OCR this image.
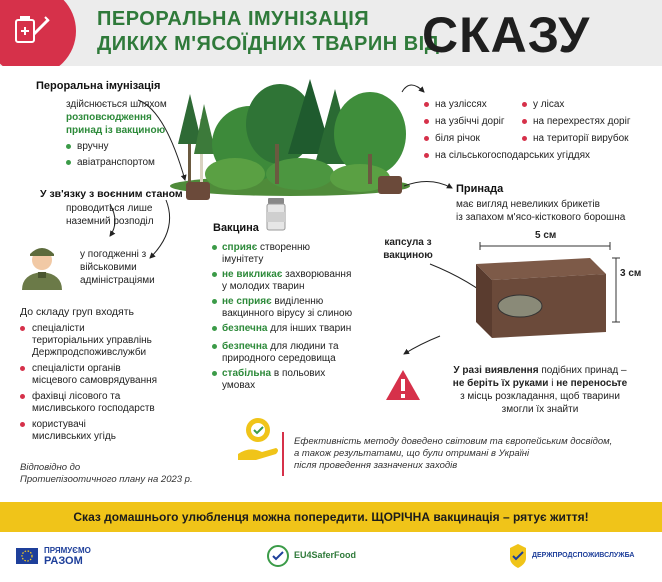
ПЕРОРАЛЬНА ІМУНІЗАЦІЯ
ДИКИХ М'ЯСОЇДНИХ ТВАРИН ВІД
СКАЗУ
Пероральна імунізація
здійснюється шляхом
розповсюдження
принад із вакциною
вручну
авіатранспортом
У зв'язку з воєнним станом
проводиться лише
наземний розподіл
у погодженні з
військовими
адміністраціями
До складу груп входять
спеціалісти
територіальних управлінь
Держпродспоживслужби
спеціалісти органів
місцевого самоврядування
фахівці лісового та
мисливського господарств
користувачі
мисливських угідь
Відповідно до
Протиепізоотичного плану на 2023 р.
на узліссях
на узбіччі доріг
біля річок
на сільськогосподарських угіддях
у лісах
на перехрестях доріг
на території вирубок
Принада
має вигляд невеликих брикетів
із запахом м'ясо-кісткового борошна
капсула з
вакциною
5 см
3 см
Вакцина
сприяє створенню
імунітету
не викликає захворювання
у молодих тварин
не сприяє виділенню
вакцинного вірусу зі слиною
безпечна для інших тварин
безпечна для людини та
природного середовища
стабільна в польових
умовах
У разі виявлення подібних принад –
не беріть їх руками і не переносьте
з місць розкладання, щоб тварини
змогли їх знайти
Ефективність методу доведено світовим та європейським досвідом,
а також результатами, що були отримані в Україні
після проведення зазначених заходів
Сказ домашнього улюбленця можна попередити. ЩОРІЧНА вакцинація – рятує життя!
ПРЯМУЄМО
РАЗОМ	EU4SaferFood	ДЕРЖПРОДСПОЖИВСЛУЖБА
